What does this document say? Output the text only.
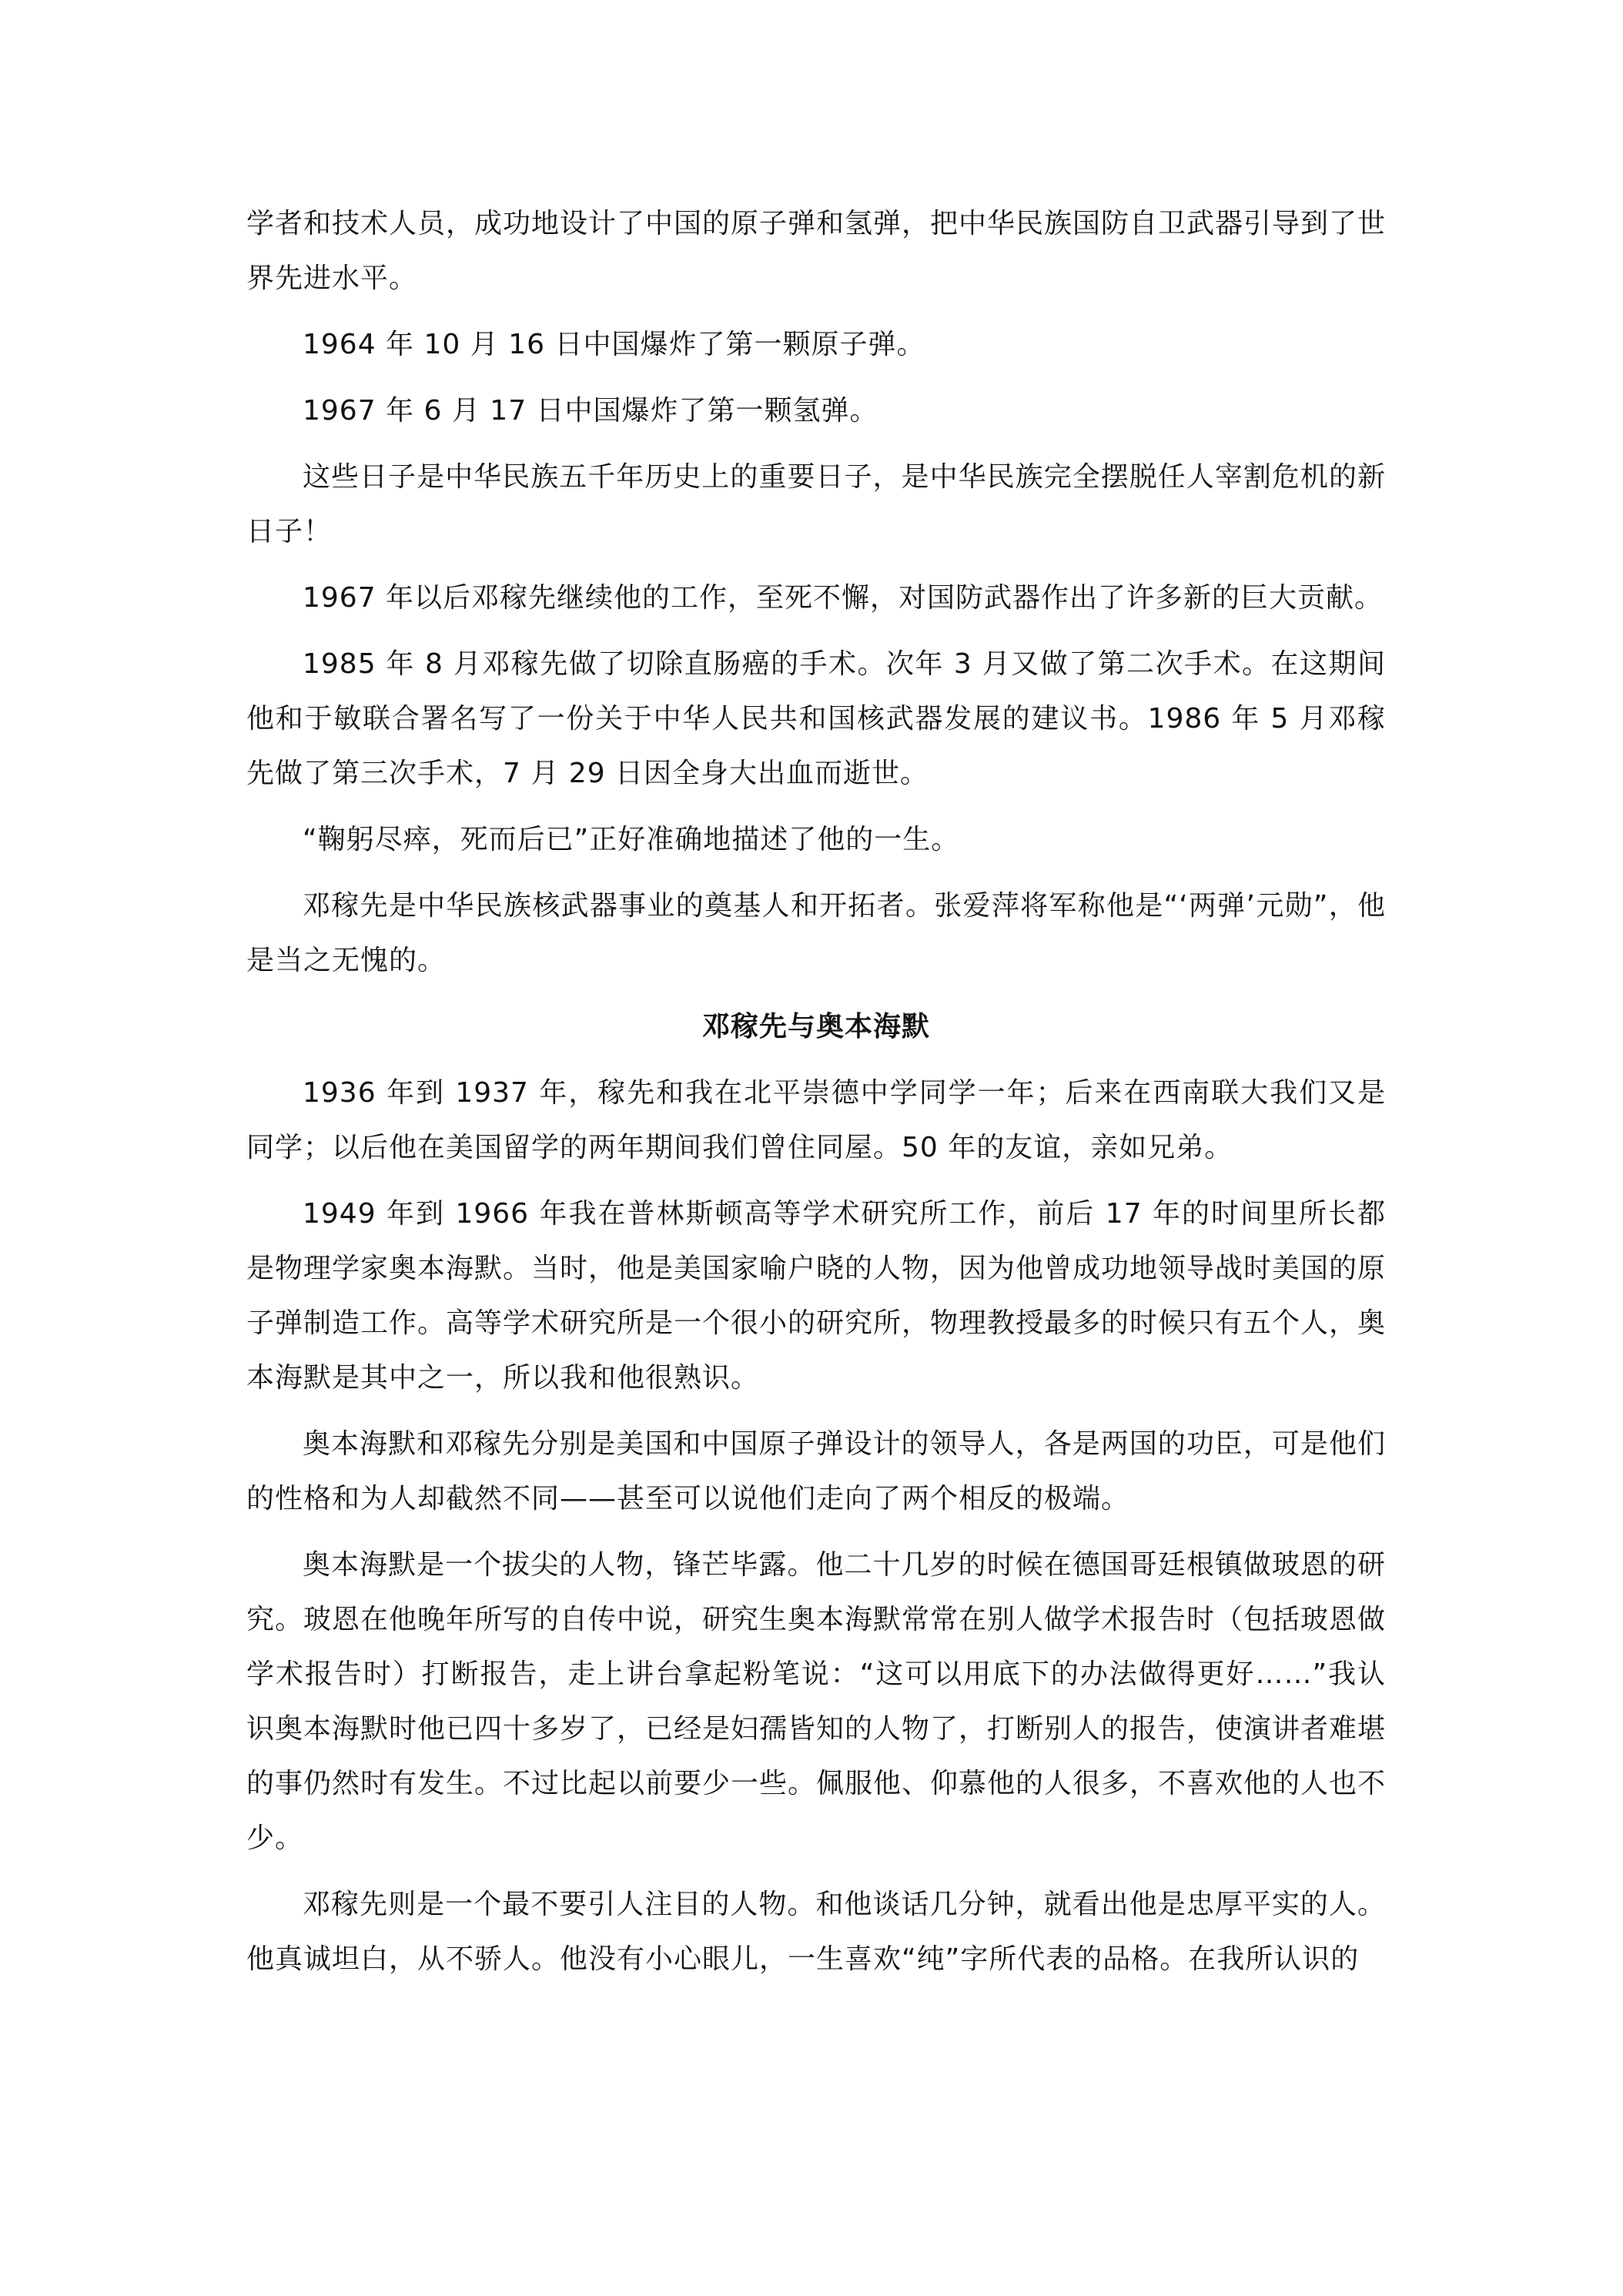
学者和技术人员，成功地设计了中国的原子弹和氢弹，把中华民族国防自卫武器引导到了世界先进水平。

1964 年 10 月 16 日中国爆炸了第一颗原子弹。

1967 年 6 月 17 日中国爆炸了第一颗氢弹。

这些日子是中华民族五千年历史上的重要日子，是中华民族完全摆脱任人宰割危机的新日子！

1967 年以后邓稼先继续他的工作，至死不懈，对国防武器作出了许多新的巨大贡献。

1985 年 8 月邓稼先做了切除直肠癌的手术。次年 3 月又做了第二次手术。在这期间他和于敏联合署名写了一份关于中华人民共和国核武器发展的建议书。1986 年 5 月邓稼先做了第三次手术，7 月 29 日因全身大出血而逝世。

“鞠躬尽瘁，死而后已”正好准确地描述了他的一生。

邓稼先是中华民族核武器事业的奠基人和开拓者。张爱萍将军称他是“‘两弹’元勋”，他是当之无愧的。

邓稼先与奥本海默

1936 年到 1937 年，稼先和我在北平崇德中学同学一年；后来在西南联大我们又是同学；以后他在美国留学的两年期间我们曾住同屋。50 年的友谊，亲如兄弟。

1949 年到 1966 年我在普林斯顿高等学术研究所工作，前后 17 年的时间里所长都是物理学家奥本海默。当时，他是美国家喻户晓的人物，因为他曾成功地领导战时美国的原子弹制造工作。高等学术研究所是一个很小的研究所，物理教授最多的时候只有五个人，奥本海默是其中之一，所以我和他很熟识。

奥本海默和邓稼先分别是美国和中国原子弹设计的领导人，各是两国的功臣，可是他们的性格和为人却截然不同——甚至可以说他们走向了两个相反的极端。

奥本海默是一个拔尖的人物，锋芒毕露。他二十几岁的时候在德国哥廷根镇做玻恩的研究。玻恩在他晚年所写的自传中说，研究生奥本海默常常在别人做学术报告时（包括玻恩做学术报告时）打断报告，走上讲台拿起粉笔说：“这可以用底下的办法做得更好……”我认识奥本海默时他已四十多岁了，已经是妇孺皆知的人物了，打断别人的报告，使演讲者难堪的事仍然时有发生。不过比起以前要少一些。佩服他、仰慕他的人很多，不喜欢他的人也不少。

邓稼先则是一个最不要引人注目的人物。和他谈话几分钟，就看出他是忠厚平实的人。他真诚坦白，从不骄人。他没有小心眼儿，一生喜欢“纯”字所代表的品格。在我所认识的
